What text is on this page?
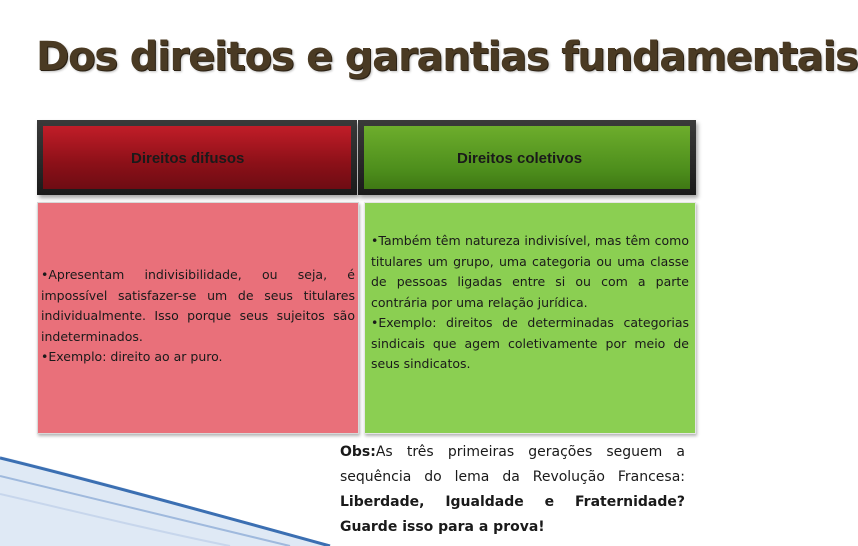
Dos direitos e garantias fundamentais
Direitos difusos	Direitos coletivos

•Apresentam indivisibilidade, ou seja, é impossível satisfazer-se um de seus titulares individualmente. Isso porque seus sujeitos são indeterminados.

•Exemplo: direito ao ar puro.

•Também têm natureza indivisível, mas têm como titulares um grupo, uma categoria ou uma classe de pessoas ligadas entre si ou com a parte contrária por uma relação jurídica.

•Exemplo: direitos de determinadas categorias sindicais que agem coletivamente por meio de seus sindicatos.

Obs:As três primeiras gerações seguem a sequência do lema da Revolução Francesa: Liberdade, Igualdade e Fraternidade? Guarde isso para a prova!
